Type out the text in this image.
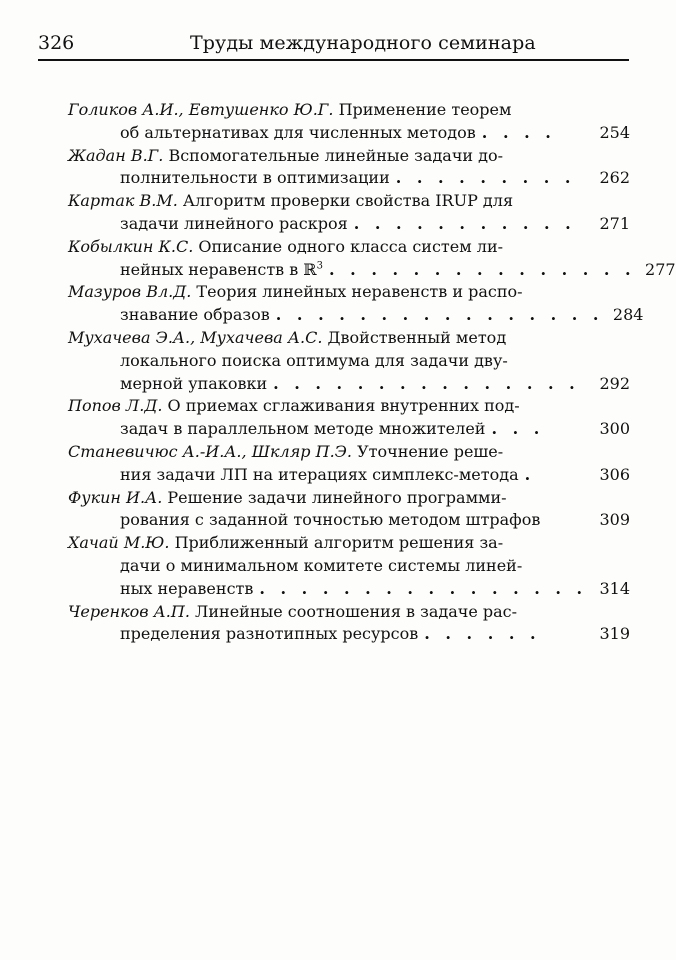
326	Труды международного семинара
Голиков А.И., Евтушенко Ю.Г. Применение теорем
об альтернативах для численных методов . . . .	254
Жадан В.Г. Вспомогательные линейные задачи до-
полнительности в оптимизации . . . . . . . . .	262
Картак В.М. Алгоритм проверки свойства IRUP для
задачи линейного раскроя . . . . . . . . . . .	271
Кобылкин К.С. Описание одного класса систем ли-
нейных неравенств в ℝ$^3$ . . . . . . . . . . . . . . . 277
Мазуров Вл.Д. Теория линейных неравенств и распо-
знавание образов . . . . . . . . . . . . . . . . 284
Мухачева Э.А., Мухачева А.С. Двойственный метод
локального поиска оптимума для задачи дву-
мерной упаковки . . . . . . . . . . . . . . .	292
Попов Л.Д. О приемах сглаживания внутренних под-
задач в параллельном методе множителей . . .	300
Станевичюс А.-И.А., Шкляр П.Э. Уточнение реше-
ния задачи ЛП на итерациях симплекс-метода .	306
Фукин И.А. Решение задачи линейного программи-
рования с заданной точностью методом штрафов	309
Хачай М.Ю. Приближенный алгоритм решения за-
дачи о минимальном комитете системы линей-
ных неравенств . . . . . . . . . . . . . . . . 314
Черенков А.П. Линейные соотношения в задаче рас-
пределения разнотипных ресурсов . . . . . .	319
